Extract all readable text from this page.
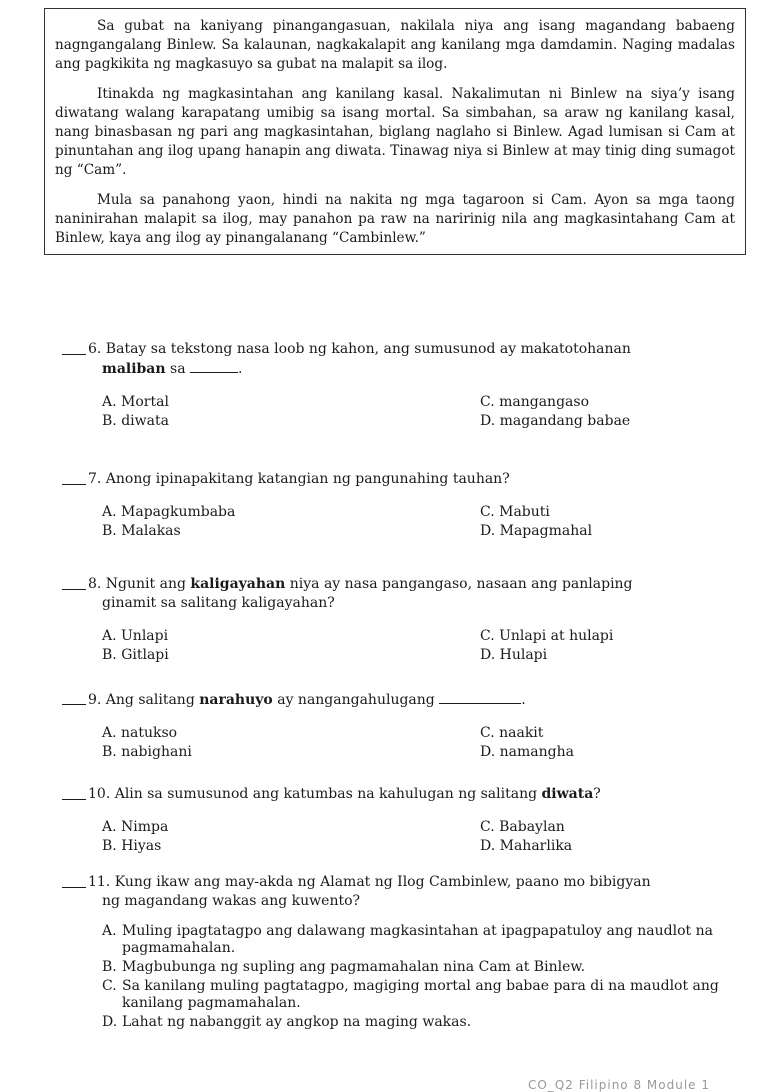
Sa gubat na kaniyang pinangangasuan, nakilala niya ang isang magandang babaeng nagngangalang Binlew. Sa kalaunan, nagkakalapit ang kanilang mga damdamin. Naging madalas ang pagkikita ng magkasuyo sa gubat na malapit sa ilog.

Itinakda ng magkasintahan ang kanilang kasal. Nakalimutan ni Binlew na siya’y isang diwatang walang karapatang umibig sa isang mortal. Sa simbahan, sa araw ng kanilang kasal, nang binasbasan ng pari ang magkasintahan, biglang naglaho si Binlew. Agad lumisan si Cam at pinuntahan ang ilog upang hanapin ang diwata. Tinawag niya si Binlew at may tinig ding sumagot ng “Cam”.

Mula sa panahong yaon, hindi na nakita ng mga tagaroon si Cam. Ayon sa mga taong naninirahan malapit sa ilog, may panahon pa raw na naririnig nila ang magkasintahang Cam at Binlew, kaya ang ilog ay pinangalanang “Cambinlew.”

6. Batay sa tekstong nasa loob ng kahon, ang sumusunod ay makatotohanan
maliban sa	.
A. Mortal	C. mangangaso
B. diwata	D. magandang babae
7. Anong ipinapakitang katangian ng pangunahing tauhan?
A. Mapagkumbaba	C. Mabuti
B. Malakas	D. Mapagmahal
8. Ngunit ang kaligayahan niya ay nasa pangangaso, nasaan ang panlaping
ginamit sa salitang kaligayahan?
A. Unlapi	C. Unlapi at hulapi
B. Gitlapi	D. Hulapi
9. Ang salitang narahuyo ay nangangahulugang	.
A. natukso	C. naakit
B. nabighani	D. namangha
10. Alin sa sumusunod ang katumbas na kahulugan ng salitang diwata?
A. Nimpa	C. Babaylan
B. Hiyas	D. Maharlika
11. Kung ikaw ang may-akda ng Alamat ng Ilog Cambinlew, paano mo bibigyan
ng magandang wakas ang kuwento?
A. Muling ipagtatagpo ang dalawang magkasintahan at ipagpapatuloy ang naudlot na pagmamahalan.
B. Magbubunga ng supling ang pagmamahalan nina Cam at Binlew.
C. Sa kanilang muling pagtatagpo, magiging mortal ang babae para di na maudlot ang kanilang pagmamahalan.
D. Lahat ng nabanggit ay angkop na maging wakas.
CO_Q2 Filipino 8 Module 1
